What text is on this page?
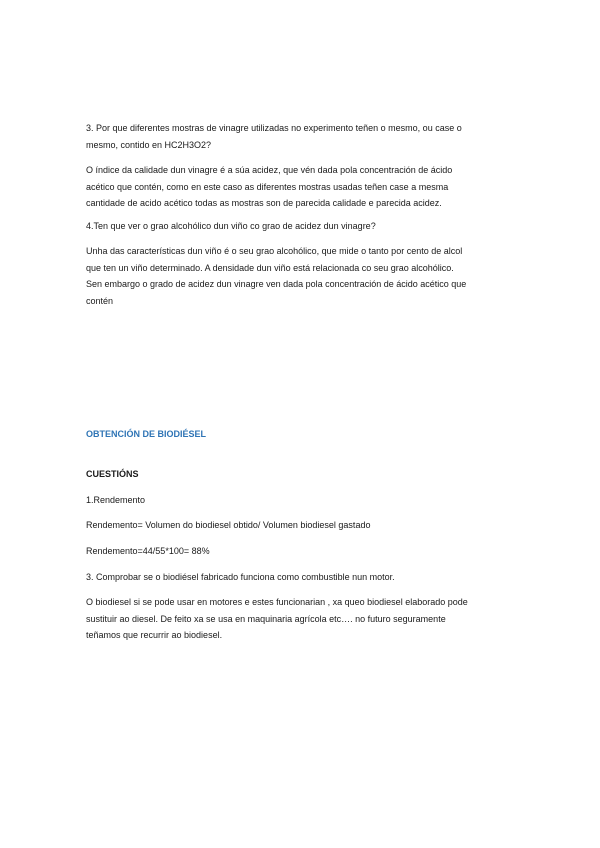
3. Por que diferentes mostras de vinagre utilizadas no experimento teñen o mesmo, ou case o
mesmo, contido en HC2H3O2?

O índice da calidade dun vinagre é a súa acidez, que vén dada pola concentración de ácido
acético que contén, como en este caso as diferentes mostras usadas teñen case a mesma
cantidade de acido acético todas as mostras son de parecida calidade e parecida acidez.

4.Ten que ver o grao alcohólico dun viño co grao de acidez dun vinagre?

Unha das características dun viño é o seu grao alcohólico, que mide o tanto por cento de alcol
que ten un viño determinado. A densidade dun viño está relacionada co seu grao alcohólico.
Sen embargo o grado de acidez dun vinagre ven dada pola concentración de ácido acético que
contén

OBTENCIÓN DE BIODIÉSEL

CUESTIÓNS

1.Rendemento

Rendemento= Volumen do biodiesel obtido/ Volumen biodiesel gastado

Rendemento=44/55*100= 88%

3. Comprobar se o biodiésel fabricado funciona como combustible nun motor.

O biodiesel si se pode usar en motores e estes funcionarian , xa queo biodiesel elaborado pode
sustituir ao diesel. De feito xa se usa en maquinaria agrícola etc…. no futuro seguramente
teñamos que recurrir ao biodiesel.
